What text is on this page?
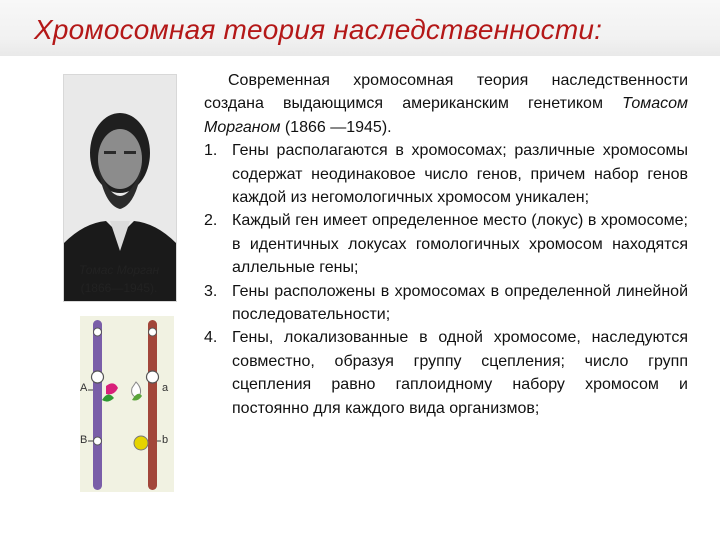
Хромосомная теория наследственности:
Томас Морган
(1866—1945).
A	a
B	b

Современная хромосомная теория наследственности создана выдающимся американским генетиком Томасом Морганом (1866 —1945).

1. Гены располагаются в хромосомах; различные хромосомы содержат неодинаковое число генов, причем набор генов каждой из негомологичных хромосом уникален;
2. Каждый ген имеет определенное место (локус) в хромосоме; в идентичных локусах гомологичных хромосом находятся аллельные гены;
3. Гены расположены в хромосомах в определенной линейной последовательности;
4. Гены, локализованные в одной хромосоме, наследуются совместно, образуя группу сцепления; число групп сцепления равно гаплоидному набору хромосом и постоянно для каждого вида организмов;
